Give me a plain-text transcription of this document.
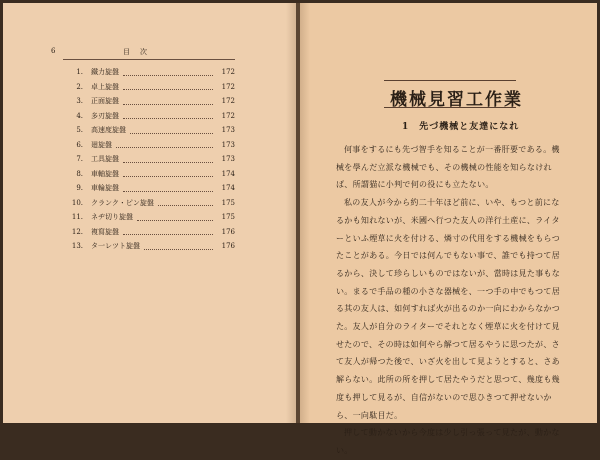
6	目次
1.	鐵力旋盤	172
2.	卓上旋盤	172
3.	正面旋盤	172
4.	多刃旋盤	172
5.	高速度旋盤	173
6.	廻旋盤	173
7.	工具旋盤	173
8.	車軸旋盤	174
9.	車輪旋盤	174
10.	クランク・ピン旋盤	175
11.	ネヂ切り旋盤	175
12.	複寫旋盤	176
13.	タ一レツト旋盤	176
機械見習工作業
1　先づ機械と友達になれ

何事をするにも先づ智手を知ることが一番肝要である。機械を學んだ立派な機械でも、その機械の性能を知らなければ、所謂猫に小判で何の役にも立たない。

私の友人が今から約二十年ほど前に、いや、もつと前になるかも知れないが、米國へ行つた友人の洋行土産に、ライターといふ煙草に火を付ける、燐寸の代用をする機械をもらつたことがある。今日では何んでもない事で、誰でも持つて居るから、決して珍らしいものではないが、當時は見た事もない。まるで手品の種の小さな器械を、一つ手の中でもつて居る其の友人は、如何すれば火が出るのか一向にわからなかつた。友人が自分のライターでそれとなく煙草に火を付けて見せたので、その時は如何やら解つて居るやうに思つたが、さて友人が帰つた後で、いざ火を出して見ようとすると、さあ解らない。此所の所を押して居たやうだと思つて、幾度も幾度も押して見るが、自信がないので思ひきつて押せないから、一向駄目だ。

押して動かないから今度は少し引っ張って見たが、動かない。
